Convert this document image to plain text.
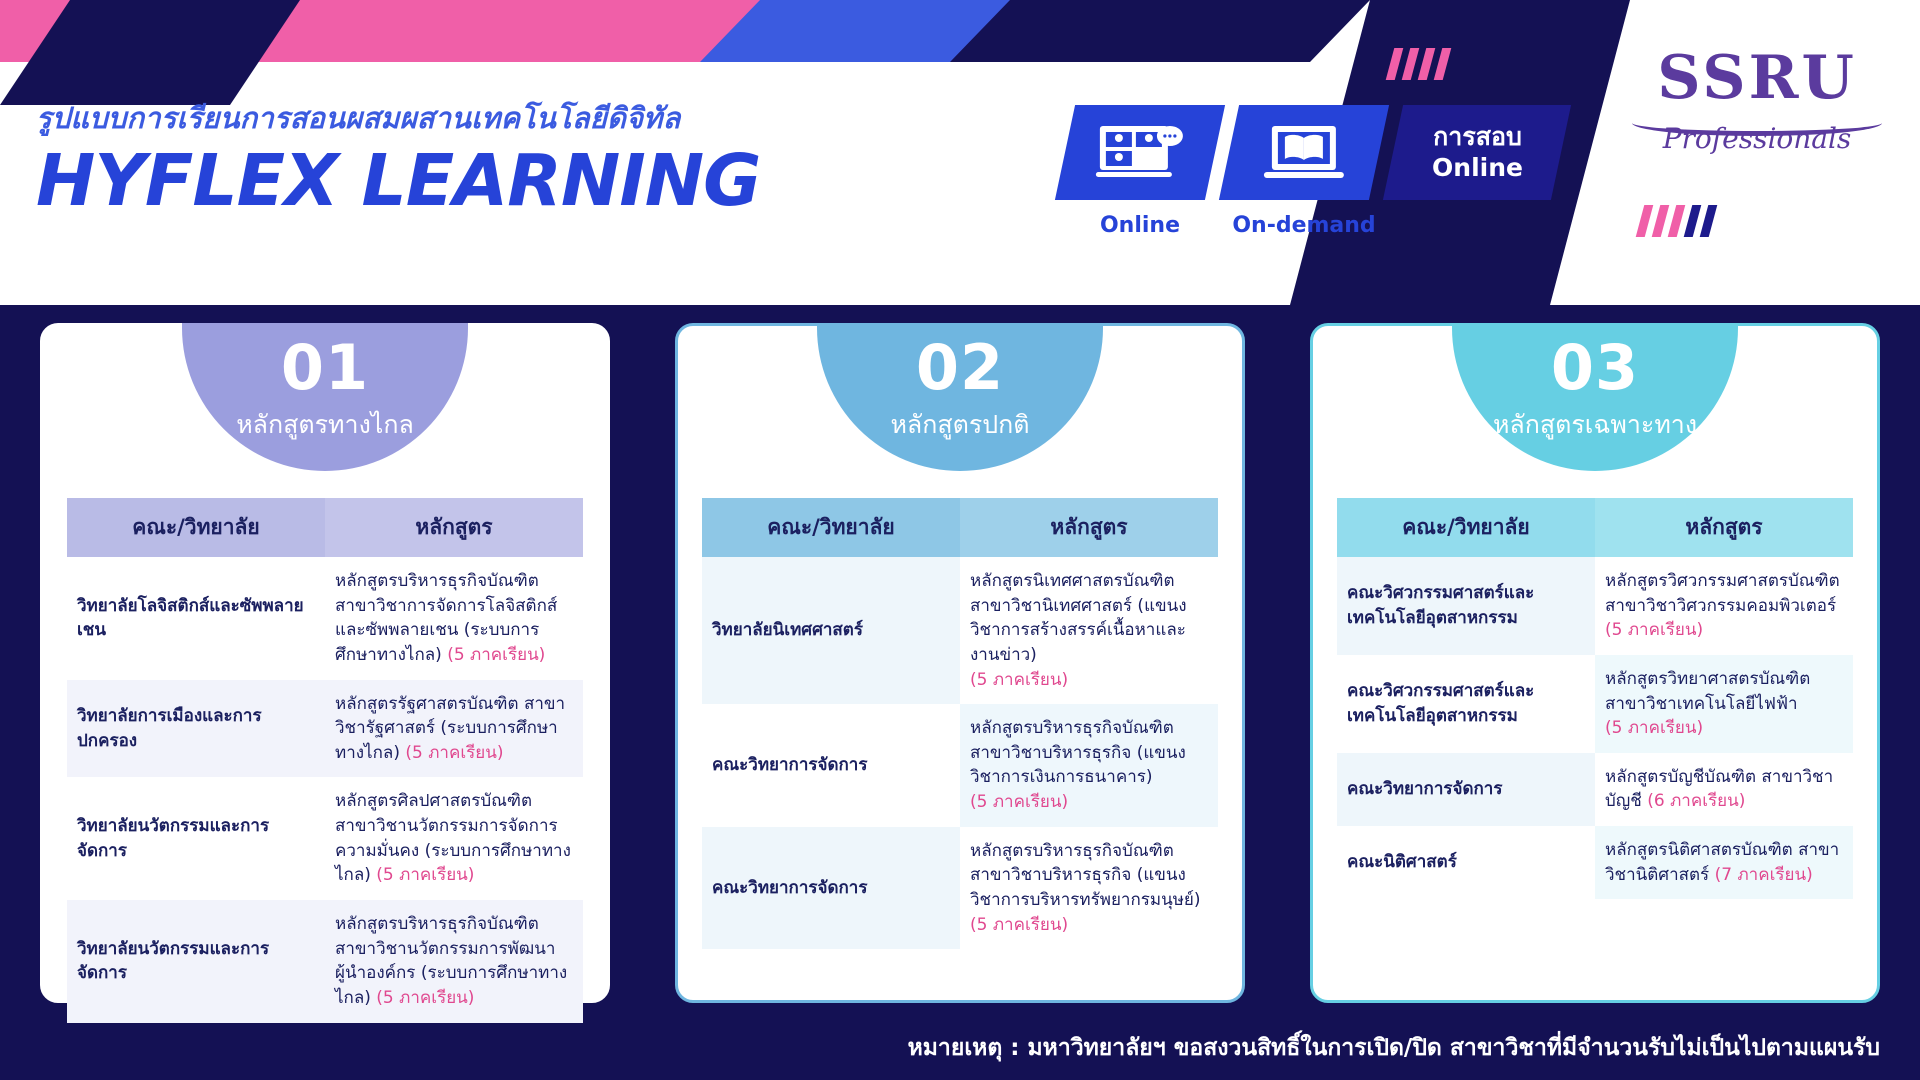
รูปแบบการเรียนการสอนผสมผสานเทคโนโลยีดิจิทัล
HYFLEX LEARNING
Online	On-demand
การสอบ
Online
SSRU
Professionals
01
หลักสูตรทางไกล
คณะ/วิทยาลัย	หลักสูตร
วิทยาลัยโลจิสติกส์และซัพพลายเชน	หลักสูตรบริหารธุรกิจบัณฑิต สาขาวิชาการจัดการโลจิสติกส์และซัพพลายเชน (ระบบการศึกษาทางไกล) (5 ภาคเรียน)
วิทยาลัยการเมืองและการปกครอง	หลักสูตรรัฐศาสตรบัณฑิต สาขาวิชารัฐศาสตร์ (ระบบการศึกษาทางไกล) (5 ภาคเรียน)
วิทยาลัยนวัตกรรมและการจัดการ	หลักสูตรศิลปศาสตรบัณฑิต สาขาวิชานวัตกรรมการจัดการความมั่นคง (ระบบการศึกษาทางไกล) (5 ภาคเรียน)
วิทยาลัยนวัตกรรมและการจัดการ	หลักสูตรบริหารธุรกิจบัณฑิต สาขาวิชานวัตกรรมการพัฒนาผู้นำองค์กร (ระบบการศึกษาทางไกล) (5 ภาคเรียน)
02
หลักสูตรปกติ
คณะ/วิทยาลัย	หลักสูตร
วิทยาลัยนิเทศศาสตร์	หลักสูตรนิเทศศาสตรบัณฑิต สาขาวิชานิเทศศาสตร์ (แขนงวิชาการสร้างสรรค์เนื้อหาและงานข่าว)
(5 ภาคเรียน)
คณะวิทยาการจัดการ	หลักสูตรบริหารธุรกิจบัณฑิต สาขาวิชาบริหารธุรกิจ (แขนงวิชาการเงินการธนาคาร)
(5 ภาคเรียน)
คณะวิทยาการจัดการ	หลักสูตรบริหารธุรกิจบัณฑิต สาขาวิชาบริหารธุรกิจ (แขนงวิชาการบริหารทรัพยากรมนุษย์)
(5 ภาคเรียน)
03
หลักสูตรเฉพาะทาง
คณะ/วิทยาลัย	หลักสูตร
คณะวิศวกรรมศาสตร์และเทคโนโลยีอุตสาหกรรม	หลักสูตรวิศวกรรมศาสตรบัณฑิต สาขาวิชาวิศวกรรมคอมพิวเตอร์
(5 ภาคเรียน)
คณะวิศวกรรมศาสตร์และเทคโนโลยีอุตสาหกรรม	หลักสูตรวิทยาศาสตรบัณฑิต สาขาวิชาเทคโนโลยีไฟฟ้า
(5 ภาคเรียน)
คณะวิทยาการจัดการ	หลักสูตรบัญชีบัณฑิต สาขาวิชาบัญชี (6 ภาคเรียน)
คณะนิติศาสตร์	หลักสูตรนิติศาสตรบัณฑิต สาขาวิชานิติศาสตร์ (7 ภาคเรียน)
หมายเหตุ : มหาวิทยาลัยฯ ขอสงวนสิทธิ์ในการเปิด/ปิด สาขาวิชาที่มีจำนวนรับไม่เป็นไปตามแผนรับ
